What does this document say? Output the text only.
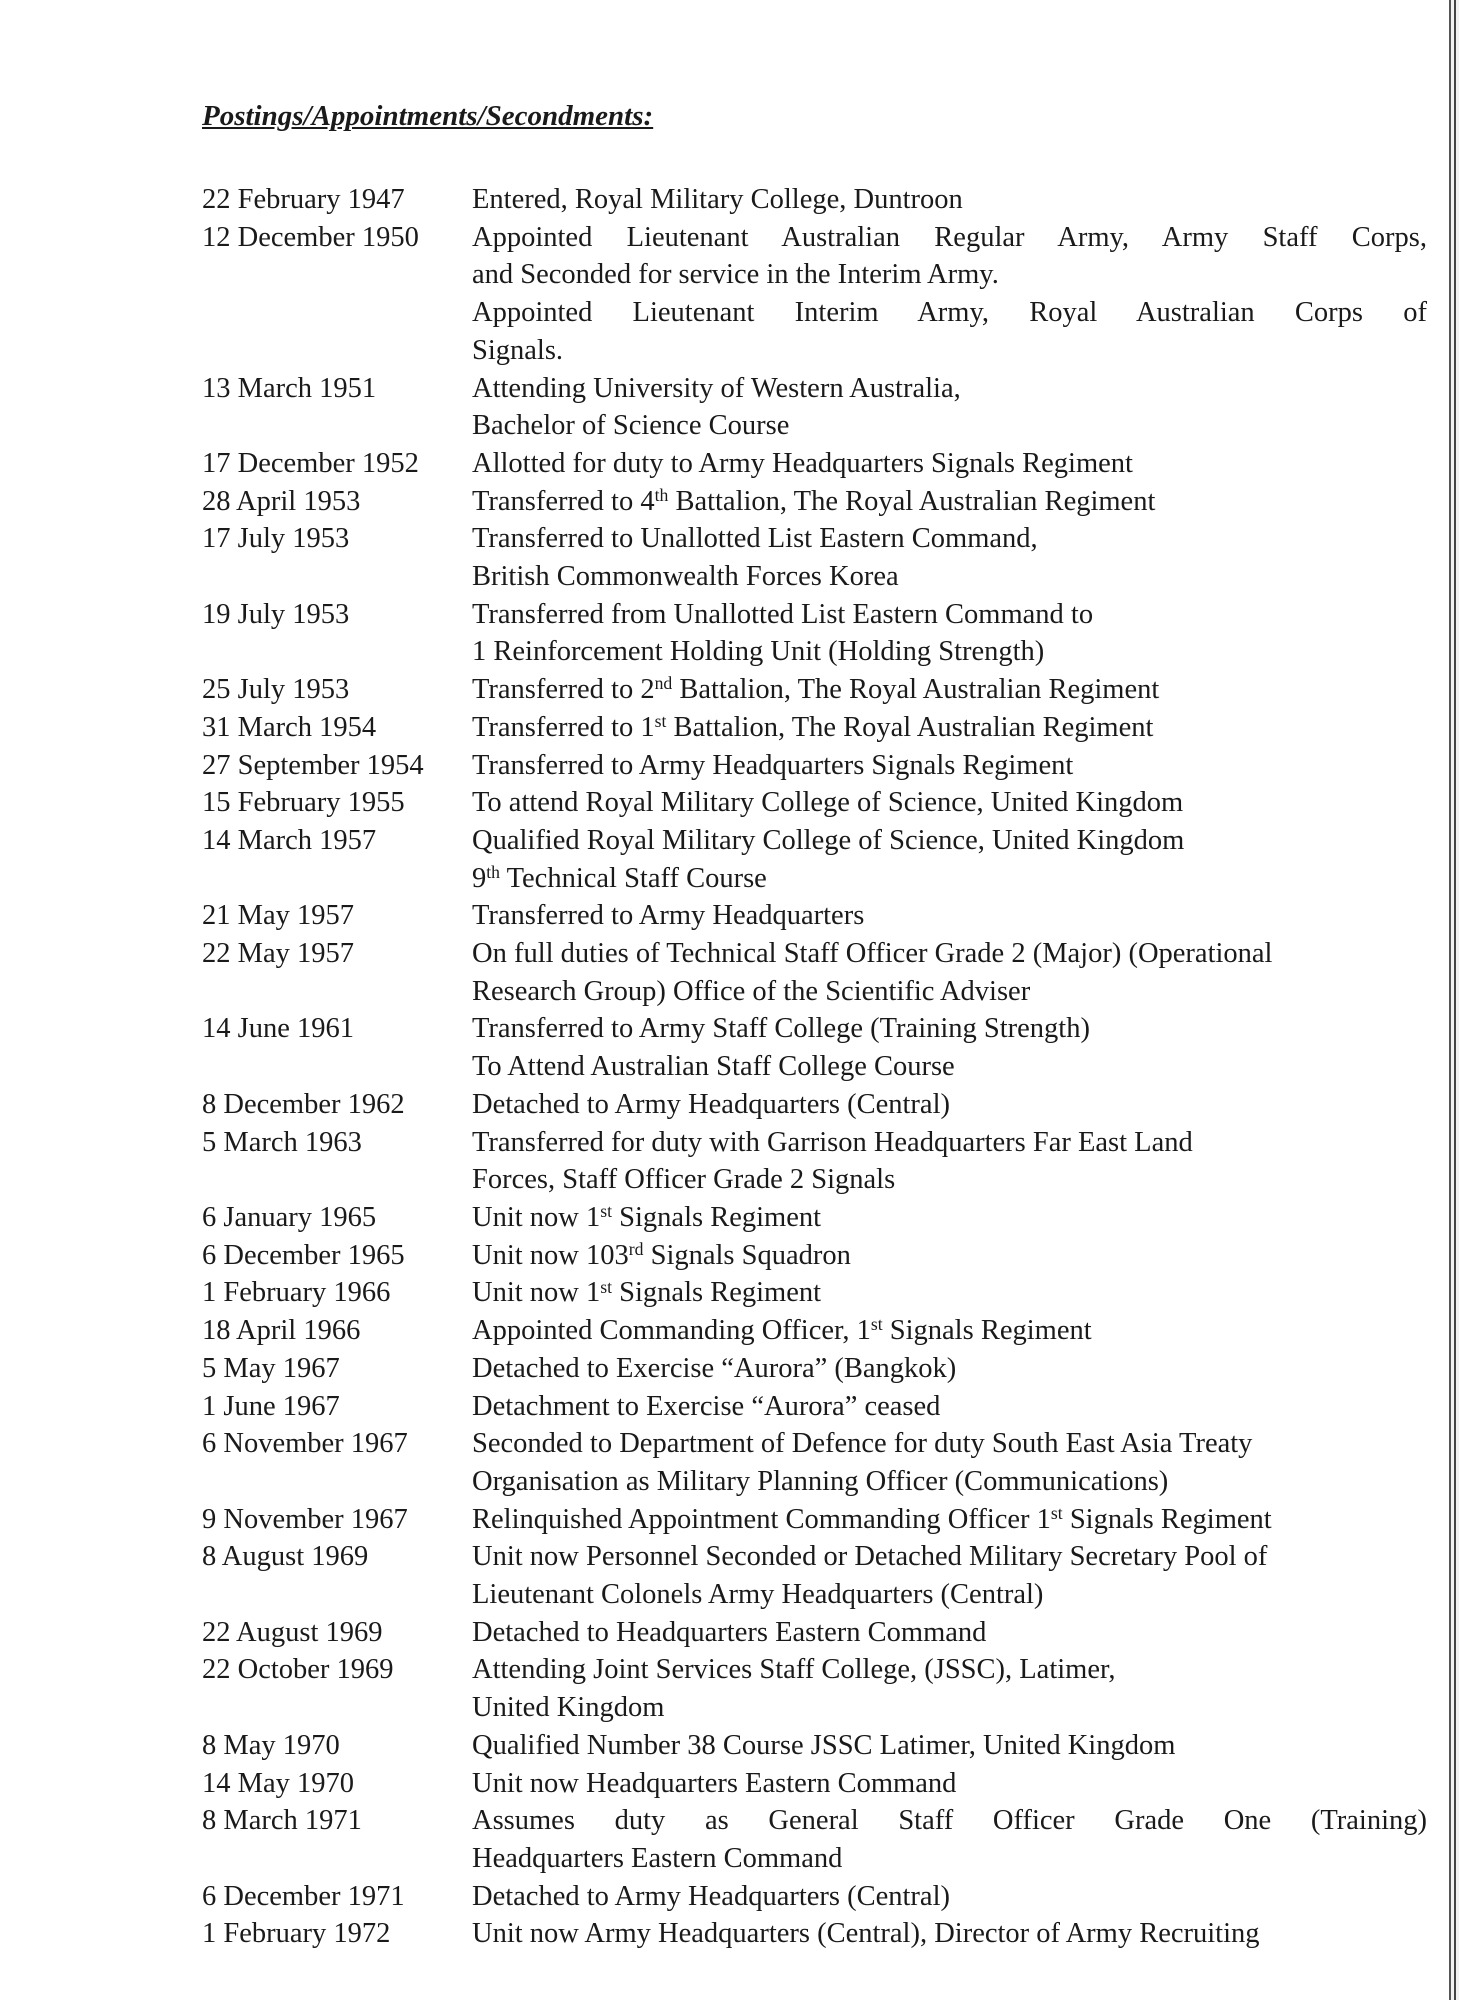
Postings/Appointments/Secondments:
22 February 1947	Entered, Royal Military College, Duntroon
12 December 1950	Appointed Lieutenant Australian Regular Army, Army Staff Corps,
and Seconded for service in the Interim Army.
Appointed Lieutenant Interim Army, Royal Australian Corps of
Signals.
13 March 1951	Attending University of Western Australia,
Bachelor of Science Course
17 December 1952	Allotted for duty to Army Headquarters Signals Regiment
28 April 1953	Transferred to 4th Battalion, The Royal Australian Regiment
17 July 1953	Transferred to Unallotted List Eastern Command,
British Commonwealth Forces Korea
19 July 1953	Transferred from Unallotted List Eastern Command to
1 Reinforcement Holding Unit (Holding Strength)
25 July 1953	Transferred to 2nd Battalion, The Royal Australian Regiment
31 March 1954	Transferred to 1st Battalion, The Royal Australian Regiment
27 September 1954	Transferred to Army Headquarters Signals Regiment
15 February 1955	To attend Royal Military College of Science, United Kingdom
14 March 1957	Qualified Royal Military College of Science, United Kingdom
9th Technical Staff Course
21 May 1957	Transferred to Army Headquarters
22 May 1957	On full duties of Technical Staff Officer Grade 2 (Major) (Operational
Research Group) Office of the Scientific Adviser
14 June 1961	Transferred to Army Staff College (Training Strength)
To Attend Australian Staff College Course
8 December 1962	Detached to Army Headquarters (Central)
5 March 1963	Transferred for duty with Garrison Headquarters Far East Land
Forces, Staff Officer Grade 2 Signals
6 January 1965	Unit now 1st Signals Regiment
6 December 1965	Unit now 103rd Signals Squadron
1 February 1966	Unit now 1st Signals Regiment
18 April 1966	Appointed Commanding Officer, 1st Signals Regiment
5 May 1967	Detached to Exercise “Aurora” (Bangkok)
1 June 1967	Detachment to Exercise “Aurora” ceased
6 November 1967	Seconded to Department of Defence for duty South East Asia Treaty
Organisation as Military Planning Officer (Communications)
9 November 1967	Relinquished Appointment Commanding Officer 1st Signals Regiment
8 August 1969	Unit now Personnel Seconded or Detached Military Secretary Pool of
Lieutenant Colonels Army Headquarters (Central)
22 August 1969	Detached to Headquarters Eastern Command
22 October 1969	Attending Joint Services Staff College, (JSSC), Latimer,
United Kingdom
8 May 1970	Qualified Number 38 Course JSSC Latimer, United Kingdom
14 May 1970	Unit now Headquarters Eastern Command
8 March 1971	Assumes duty as General Staff Officer Grade One (Training)
Headquarters Eastern Command
6 December 1971	Detached to Army Headquarters (Central)
1 February 1972	Unit now Army Headquarters (Central), Director of Army Recruiting
